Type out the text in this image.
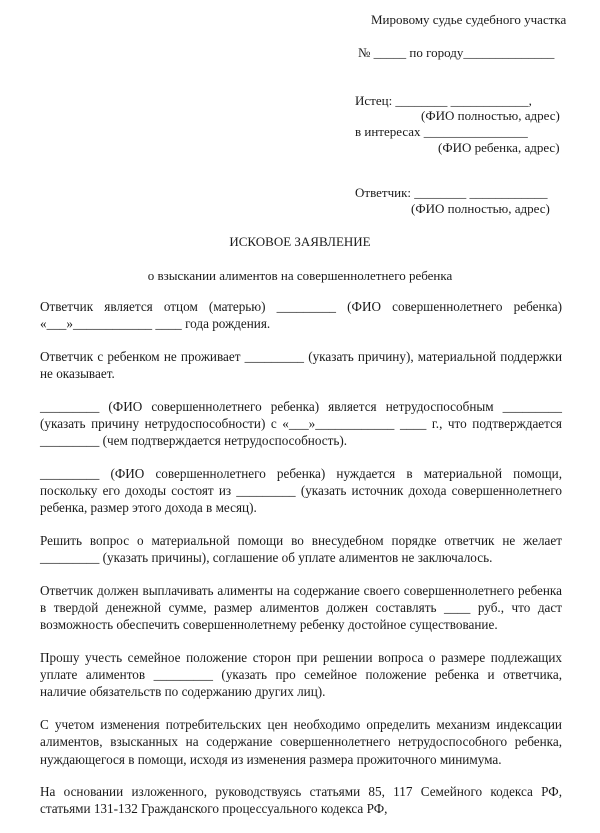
Мировому судье судебного участка
№ _____ по городу______________
Истец: ________ ____________,
(ФИО полностью, адрес)
в интересах ________________
(ФИО ребенка, адрес)
Ответчик: ________ ____________
(ФИО полностью, адрес)
ИСКОВОЕ ЗАЯВЛЕНИЕ
о взыскании алиментов на совершеннолетнего ребенка

Ответчик является отцом (матерью) _________ (ФИО совершеннолетнего ребенка) «___»____________ ____ года рождения.

Ответчик с ребенком не проживает _________ (указать причину), материальной поддержки не оказывает.

_________ (ФИО совершеннолетнего ребенка) является нетрудоспособным _________ (указать причину нетрудоспособности) с «___»____________ ____ г., что подтверждается _________ (чем подтверждается нетрудоспособность).

_________ (ФИО совершеннолетнего ребенка) нуждается в материальной помощи, поскольку его доходы состоят из _________ (указать источник дохода совершеннолетнего ребенка, размер этого дохода в месяц).

Решить вопрос о материальной помощи во внесудебном порядке ответчик не желает _________ (указать причины), соглашение об уплате алиментов не заключалось.

Ответчик должен выплачивать алименты на содержание своего совершеннолетнего ребенка в твердой денежной сумме, размер алиментов должен составлять ____ руб., что даст возможность обеспечить совершеннолетнему ребенку достойное существование.

Прошу учесть семейное положение сторон при решении вопроса о размере подлежащих уплате алиментов _________ (указать про семейное положение ребенка и ответчика, наличие обязательств по содержанию других лиц).

С учетом изменения потребительских цен необходимо определить механизм индексации алиментов, взысканных на содержание совершеннолетнего нетрудоспособного ребенка, нуждающегося в помощи, исходя из изменения размера прожиточного минимума.

На основании изложенного, руководствуясь статьями 85, 117 Семейного кодекса РФ, статьями 131-132 Гражданского процессуального кодекса РФ,
